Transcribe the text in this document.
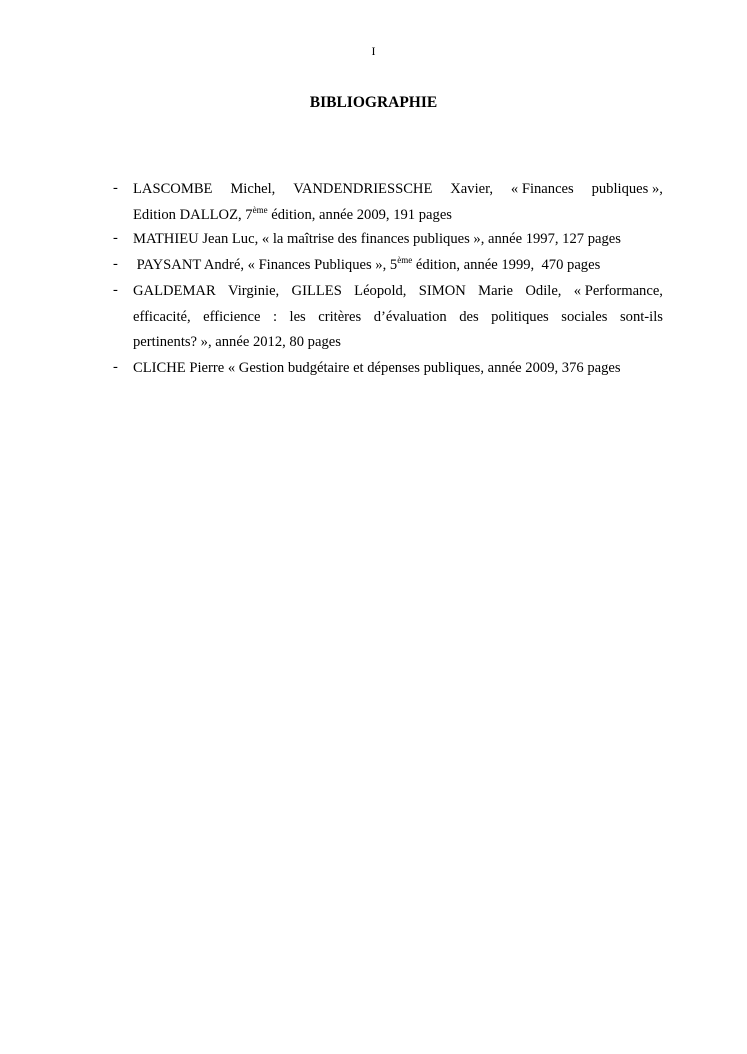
I
BIBLIOGRAPHIE
- LASCOMBE Michel, VANDENDRIESSCHE Xavier, « Finances publiques »,
Edition DALLOZ, 7ème édition, année 2009, 191 pages
- MATHIEU Jean Luc, « la maîtrise des finances publiques », année 1997, 127 pages
- PAYSANT André, « Finances Publiques », 5ème édition, année 1999,  470 pages
- GALDEMAR Virginie, GILLES Léopold, SIMON Marie Odile, « Performance,
efficacité, efficience : les critères d’évaluation des politiques sociales sont-ils
pertinents? », année 2012, 80 pages
- CLICHE Pierre « Gestion budgétaire et dépenses publiques, année 2009, 376 pages
